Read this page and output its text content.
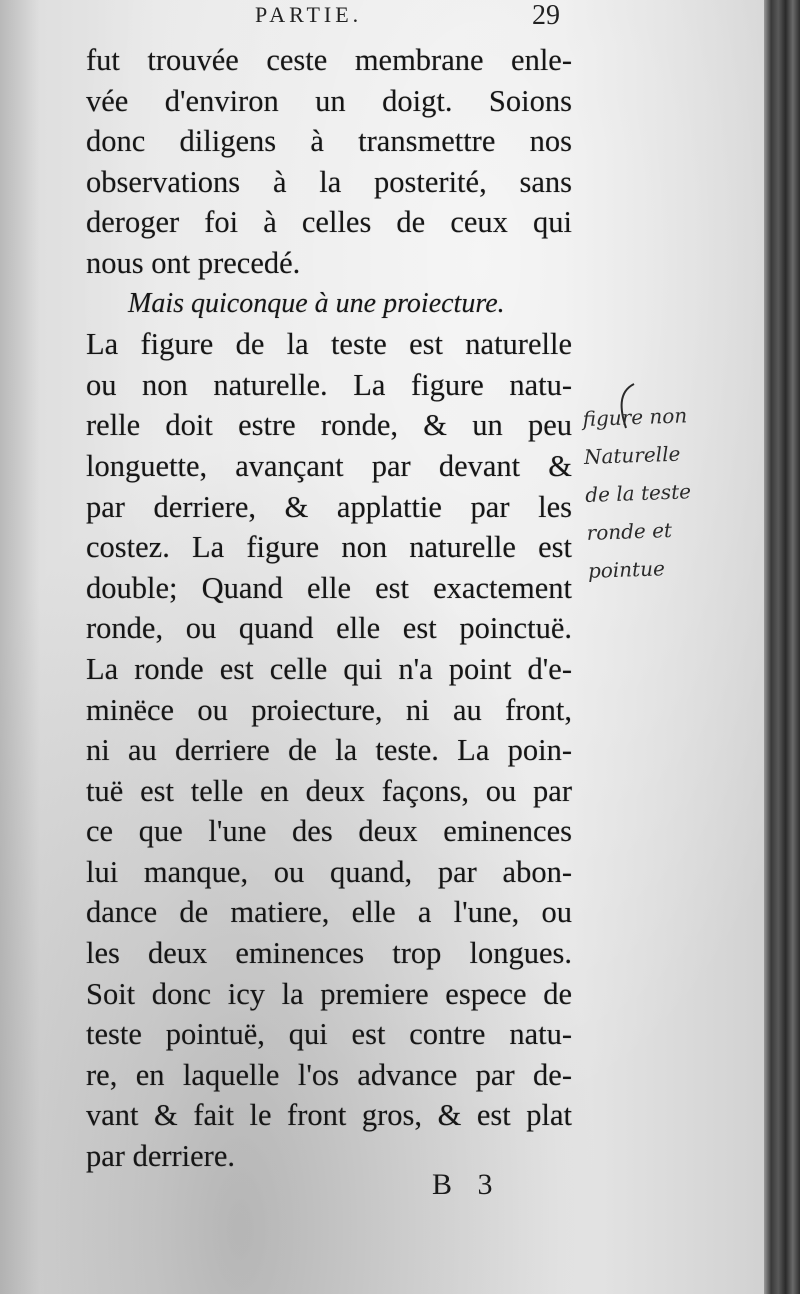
PARTIE.	29
fut trouvée ceste membrane enle-
vée d'environ un doigt. Soions
donc diligens à transmettre nos
observations à la posterité, sans
deroger foi à celles de ceux qui
nous ont precedé.
Mais quiconque à une proiecture.
La figure de la teste est naturelle
ou non naturelle. La figure natu-
relle doit estre ronde, & un peu
longuette, avançant par devant &
par derriere, & applattie par les
costez. La figure non naturelle est
double; Quand elle est exactement
ronde, ou quand elle est poinctuë.
La ronde est celle qui n'a point d'e-
minëce ou proiecture, ni au front,
ni au derriere de la teste. La poin-
tuë est telle en deux façons, ou par
ce que l'une des deux eminences
lui manque, ou quand, par abon-
dance de matiere, elle a l'une, ou
les deux eminences trop longues.
Soit donc icy la premiere espece de
teste pointuë, qui est contre natu-
re, en laquelle l'os advance par de-
vant & fait le front gros, & est plat
par derriere.
figure non
Naturelle
de la teste
ronde et
pointue
B 3
